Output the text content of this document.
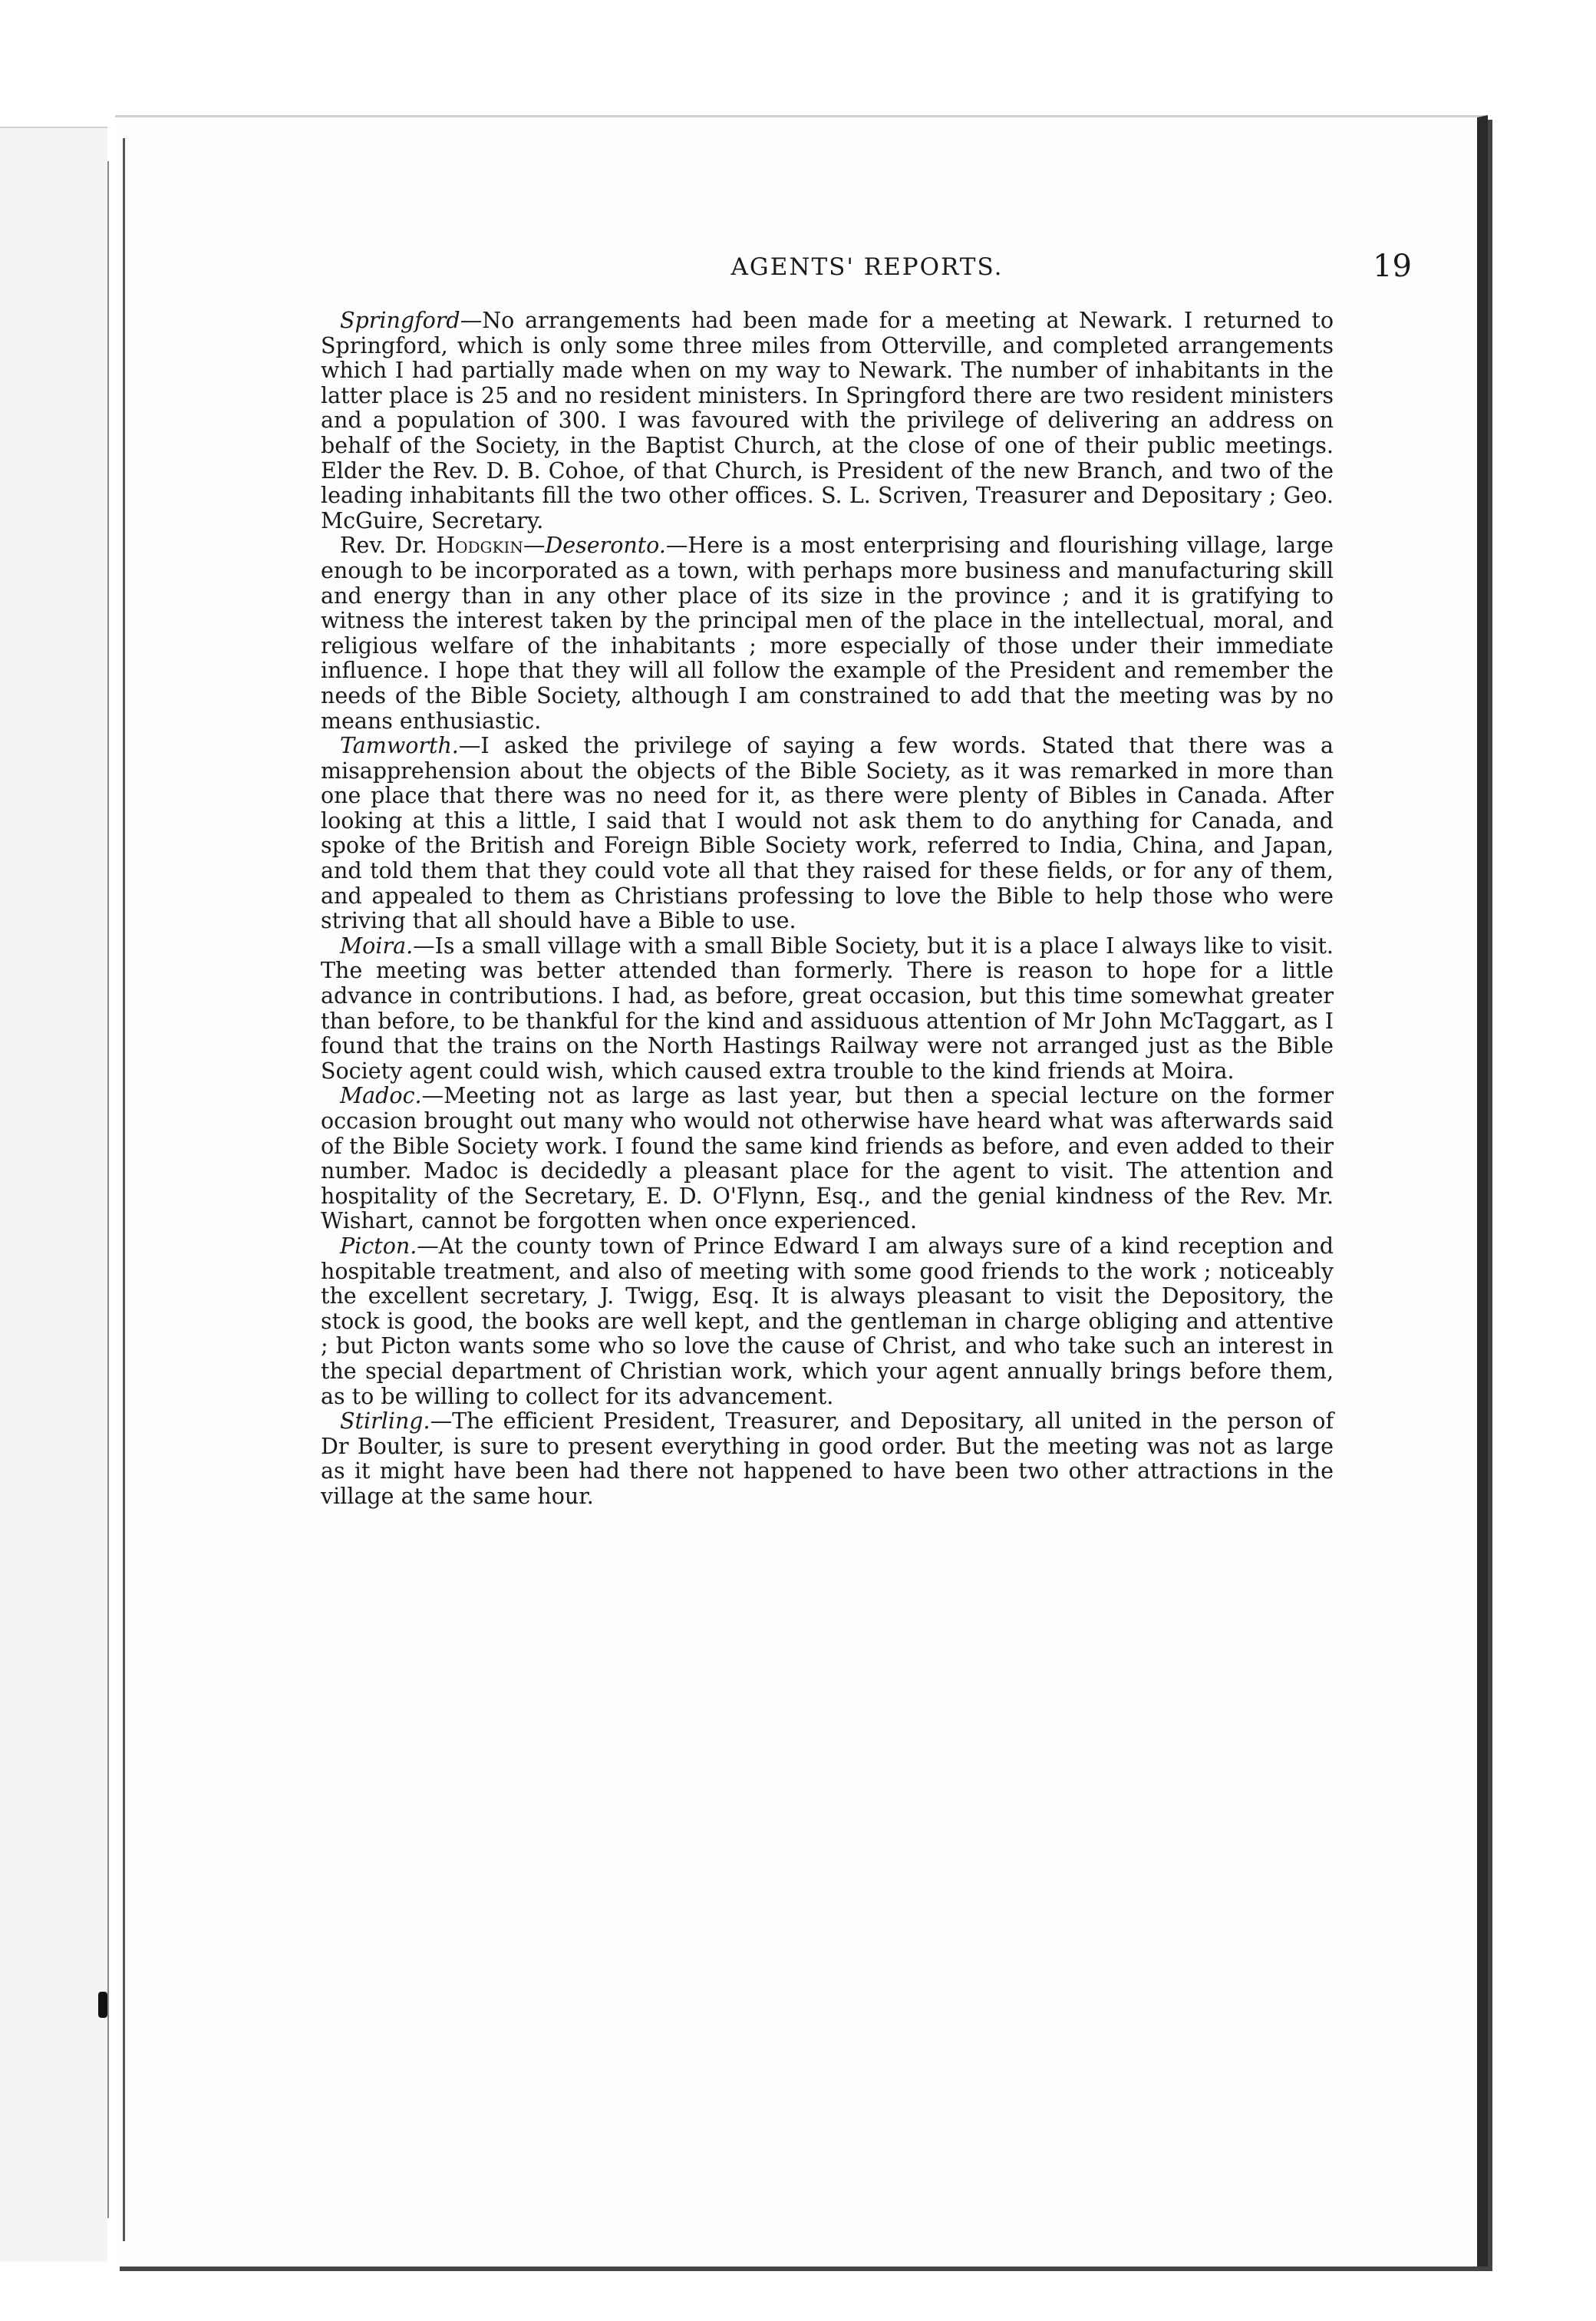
AGENTS' REPORTS.	19

Springford—No arrangements had been made for a meeting at Newark. I returned to Springford, which is only some three miles from Otterville, and completed arrangements which I had partially made when on my way to Newark. The number of inhabitants in the latter place is 25 and no resident ministers. In Springford there are two resident ministers and a population of 300. I was favoured with the privilege of delivering an address on behalf of the Society, in the Baptist Church, at the close of one of their public meetings. Elder the Rev. D. B. Cohoe, of that Church, is President of the new Branch, and two of the leading inhabitants fill the two other offices. S. L. Scriven, Treasurer and Depositary ; Geo. McGuire, Secretary.

Rev. Dr. Hodgkin—Deseronto.—Here is a most enterprising and flourishing village, large enough to be incorporated as a town, with perhaps more business and manufacturing skill and energy than in any other place of its size in the province ; and it is gratifying to witness the interest taken by the principal men of the place in the intellectual, moral, and religious welfare of the inhabitants ; more especially of those under their immediate influence. I hope that they will all follow the example of the President and remember the needs of the Bible Society, although I am constrained to add that the meeting was by no means enthusiastic.

Tamworth.—I asked the privilege of saying a few words. Stated that there was a misapprehension about the objects of the Bible Society, as it was remarked in more than one place that there was no need for it, as there were plenty of Bibles in Canada. After looking at this a little, I said that I would not ask them to do anything for Canada, and spoke of the British and Foreign Bible Society work, referred to India, China, and Japan, and told them that they could vote all that they raised for these fields, or for any of them, and appealed to them as Christians professing to love the Bible to help those who were striving that all should have a Bible to use.

Moira.—Is a small village with a small Bible Society, but it is a place I always like to visit. The meeting was better attended than formerly. There is reason to hope for a little advance in contributions. I had, as before, great occasion, but this time somewhat greater than before, to be thankful for the kind and assiduous attention of Mr John McTaggart, as I found that the trains on the North Hastings Railway were not arranged just as the Bible Society agent could wish, which caused extra trouble to the kind friends at Moira.

Madoc.—Meeting not as large as last year, but then a special lecture on the former occasion brought out many who would not otherwise have heard what was afterwards said of the Bible Society work. I found the same kind friends as before, and even added to their number. Madoc is decidedly a pleasant place for the agent to visit. The attention and hospitality of the Secretary, E. D. O'Flynn, Esq., and the genial kindness of the Rev. Mr. Wishart, cannot be forgotten when once experienced.

Picton.—At the county town of Prince Edward I am always sure of a kind reception and hospitable treatment, and also of meeting with some good friends to the work ; noticeably the excellent secretary, J. Twigg, Esq. It is always pleasant to visit the Depository, the stock is good, the books are well kept, and the gentleman in charge obliging and attentive ; but Picton wants some who so love the cause of Christ, and who take such an interest in the special department of Christian work, which your agent annually brings before them, as to be willing to collect for its advancement.

Stirling.—The efficient President, Treasurer, and Depositary, all united in the person of Dr Boulter, is sure to present everything in good order. But the meeting was not as large as it might have been had there not happened to have been two other attractions in the village at the same hour.
